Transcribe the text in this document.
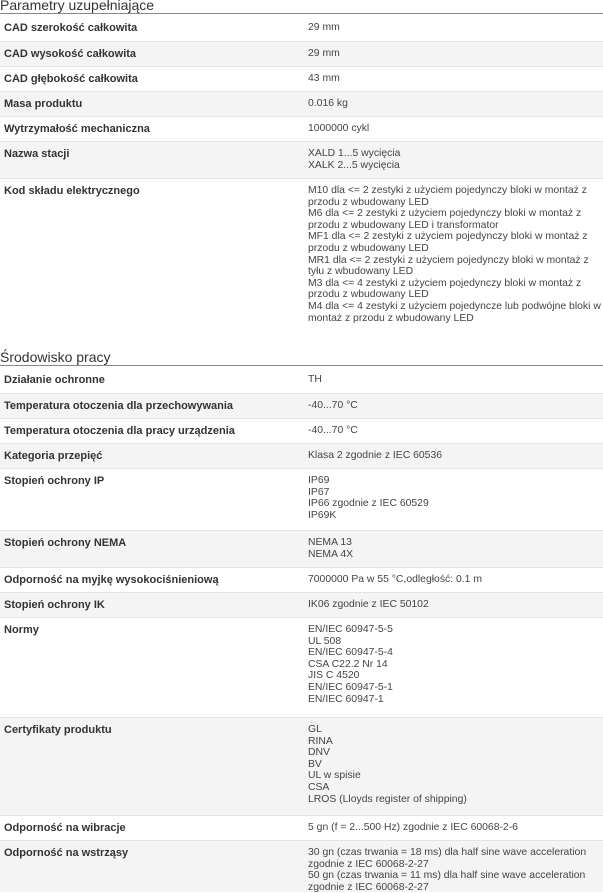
Parametry uzupełniające
CAD szerokość całkowita	29 mm
CAD wysokość całkowita	29 mm
CAD głębokość całkowita	43 mm
Masa produktu	0.016 kg
Wytrzymałość mechaniczna	1000000 cykl
Nazwa stacji	XALD 1...5 wycięcia
XALK 2...5 wycięcia
Kod składu elektrycznego	M10 dla <= 2 zestyki z użyciem pojedynczy bloki w montaż z
przodu z wbudowany LED
M6 dla <= 2 zestyki z użyciem pojedynczy bloki w montaż z
przodu z wbudowany LED i transformator
MF1 dla <= 2 zestyki z użyciem pojedynczy bloki w montaż z
przodu z wbudowany LED
MR1 dla <= 2 zestyki z użyciem pojedynczy bloki w montaż z
tyłu z wbudowany LED
M3 dla <= 4 zestyki z użyciem pojedynczy bloki w montaż z
przodu z wbudowany LED
M4 dla <= 4 zestyki z użyciem pojedyncze lub podwójne bloki w
montaż z przodu z wbudowany LED
Środowisko pracy
Działanie ochronne	TH
Temperatura otoczenia dla przechowywania	-40...70 °C
Temperatura otoczenia dla pracy urządzenia	-40...70 °C
Kategoria przepięć	Klasa 2 zgodnie z IEC 60536
Stopień ochrony IP	IP69
IP67
IP66 zgodnie z IEC 60529
IP69K
Stopień ochrony NEMA	NEMA 13
NEMA 4X
Odporność na myjkę wysokociśnieniową	7000000 Pa w 55 °C,odległość: 0.1 m
Stopień ochrony IK	IK06 zgodnie z IEC 50102
Normy	EN/IEC 60947-5-5
UL 508
EN/IEC 60947-5-4
CSA C22.2 Nr 14
JIS C 4520
EN/IEC 60947-5-1
EN/IEC 60947-1
Certyfikaty produktu	GL
RINA
DNV
BV
UL w spisie
CSA
LROS (Lloyds register of shipping)
Odporność na wibracje	5 gn (f = 2...500 Hz) zgodnie z IEC 60068-2-6
Odporność na wstrząsy	30 gn (czas trwania = 18 ms) dla half sine wave acceleration
zgodnie z IEC 60068-2-27
50 gn (czas trwania = 11 ms) dla half sine wave acceleration
zgodnie z IEC 60068-2-27
